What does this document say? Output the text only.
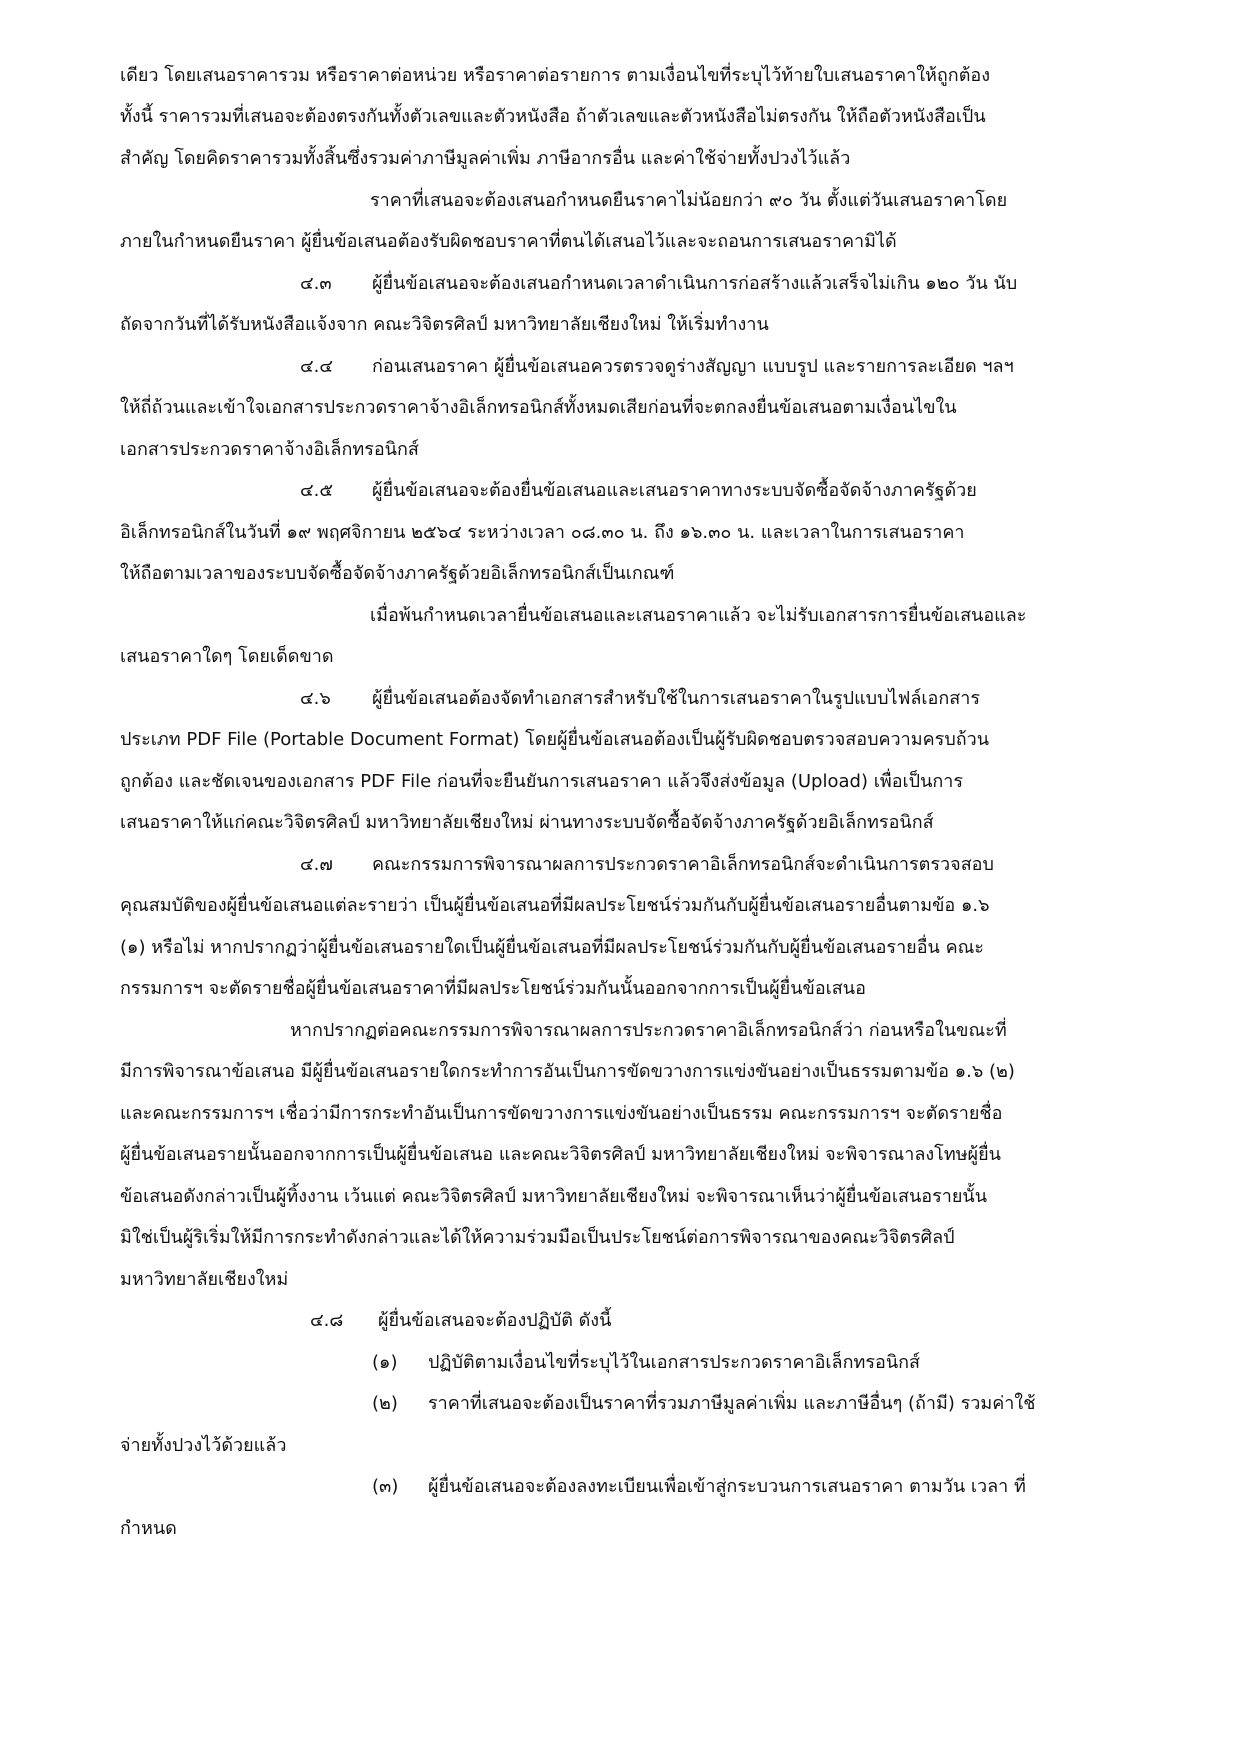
เดียว โดยเสนอราคารวม หรือราคาต่อหน่วย หรือราคาต่อรายการ ตามเงื่อนไขที่ระบุไว้ท้ายใบเสนอราคาให้ถูกต้อง
ทั้งนี้ ราคารวมที่เสนอจะต้องตรงกันทั้งตัวเลขและตัวหนังสือ ถ้าตัวเลขและตัวหนังสือไม่ตรงกัน ให้ถือตัวหนังสือเป็น
สำคัญ โดยคิดราคารวมทั้งสิ้นซึ่งรวมค่าภาษีมูลค่าเพิ่ม ภาษีอากรอื่น และค่าใช้จ่ายทั้งปวงไว้แล้ว
ราคาที่เสนอจะต้องเสนอกำหนดยืนราคาไม่น้อยกว่า ๙๐ วัน ตั้งแต่วันเสนอราคาโดย
ภายในกำหนดยืนราคา ผู้ยื่นข้อเสนอต้องรับผิดชอบราคาที่ตนได้เสนอไว้และจะถอนการเสนอราคามิได้
๔.๓ ผู้ยื่นข้อเสนอจะต้องเสนอกำหนดเวลาดำเนินการก่อสร้างแล้วเสร็จไม่เกิน ๑๒๐ วัน นับ
ถัดจากวันที่ได้รับหนังสือแจ้งจาก คณะวิจิตรศิลป์ มหาวิทยาลัยเชียงใหม่ ให้เริ่มทำงาน
๔.๔ ก่อนเสนอราคา ผู้ยื่นข้อเสนอควรตรวจดูร่างสัญญา แบบรูป และรายการละเอียด ฯลฯ
ให้ถี่ถ้วนและเข้าใจเอกสารประกวดราคาจ้างอิเล็กทรอนิกส์ทั้งหมดเสียก่อนที่จะตกลงยื่นข้อเสนอตามเงื่อนไขใน
เอกสารประกวดราคาจ้างอิเล็กทรอนิกส์
๔.๕ ผู้ยื่นข้อเสนอจะต้องยื่นข้อเสนอและเสนอราคาทางระบบจัดซื้อจัดจ้างภาครัฐด้วย
อิเล็กทรอนิกส์ในวันที่ ๑๙ พฤศจิกายน ๒๕๖๔ ระหว่างเวลา ๐๘.๓๐ น. ถึง ๑๖.๓๐ น. และเวลาในการเสนอราคา
ให้ถือตามเวลาของระบบจัดซื้อจัดจ้างภาครัฐด้วยอิเล็กทรอนิกส์เป็นเกณฑ์
เมื่อพ้นกำหนดเวลายื่นข้อเสนอและเสนอราคาแล้ว จะไม่รับเอกสารการยื่นข้อเสนอและ
เสนอราคาใดๆ โดยเด็ดขาด
๔.๖ ผู้ยื่นข้อเสนอต้องจัดทำเอกสารสำหรับใช้ในการเสนอราคาในรูปแบบไฟล์เอกสาร
ประเภท PDF File (Portable Document Format) โดยผู้ยื่นข้อเสนอต้องเป็นผู้รับผิดชอบตรวจสอบความครบถ้วน
ถูกต้อง และชัดเจนของเอกสาร PDF File ก่อนที่จะยืนยันการเสนอราคา แล้วจึงส่งข้อมูล (Upload) เพื่อเป็นการ
เสนอราคาให้แก่คณะวิจิตรศิลป์ มหาวิทยาลัยเชียงใหม่ ผ่านทางระบบจัดซื้อจัดจ้างภาครัฐด้วยอิเล็กทรอนิกส์
๔.๗ คณะกรรมการพิจารณาผลการประกวดราคาอิเล็กทรอนิกส์จะดำเนินการตรวจสอบ
คุณสมบัติของผู้ยื่นข้อเสนอแต่ละรายว่า เป็นผู้ยื่นข้อเสนอที่มีผลประโยชน์ร่วมกันกับผู้ยื่นข้อเสนอรายอื่นตามข้อ ๑.๖
(๑) หรือไม่ หากปรากฏว่าผู้ยื่นข้อเสนอรายใดเป็นผู้ยื่นข้อเสนอที่มีผลประโยชน์ร่วมกันกับผู้ยื่นข้อเสนอรายอื่น คณะ
กรรมการฯ จะตัดรายชื่อผู้ยื่นข้อเสนอราคาที่มีผลประโยชน์ร่วมกันนั้นออกจากการเป็นผู้ยื่นข้อเสนอ
หากปรากฏต่อคณะกรรมการพิจารณาผลการประกวดราคาอิเล็กทรอนิกส์ว่า ก่อนหรือในขณะที่
มีการพิจารณาข้อเสนอ มีผู้ยื่นข้อเสนอรายใดกระทำการอันเป็นการขัดขวางการแข่งขันอย่างเป็นธรรมตามข้อ ๑.๖ (๒)
และคณะกรรมการฯ เชื่อว่ามีการกระทำอันเป็นการขัดขวางการแข่งขันอย่างเป็นธรรม คณะกรรมการฯ จะตัดรายชื่อ
ผู้ยื่นข้อเสนอรายนั้นออกจากการเป็นผู้ยื่นข้อเสนอ และคณะวิจิตรศิลป์ มหาวิทยาลัยเชียงใหม่ จะพิจารณาลงโทษผู้ยื่น
ข้อเสนอดังกล่าวเป็นผู้ทิ้งงาน เว้นแต่ คณะวิจิตรศิลป์ มหาวิทยาลัยเชียงใหม่ จะพิจารณาเห็นว่าผู้ยื่นข้อเสนอรายนั้น
มิใช่เป็นผู้ริเริ่มให้มีการกระทำดังกล่าวและได้ให้ความร่วมมือเป็นประโยชน์ต่อการพิจารณาของคณะวิจิตรศิลป์
มหาวิทยาลัยเชียงใหม่
๔.๘ ผู้ยื่นข้อเสนอจะต้องปฏิบัติ ดังนี้
(๑) ปฏิบัติตามเงื่อนไขที่ระบุไว้ในเอกสารประกวดราคาอิเล็กทรอนิกส์
(๒) ราคาที่เสนอจะต้องเป็นราคาที่รวมภาษีมูลค่าเพิ่ม และภาษีอื่นๆ (ถ้ามี) รวมค่าใช้
จ่ายทั้งปวงไว้ด้วยแล้ว
(๓) ผู้ยื่นข้อเสนอจะต้องลงทะเบียนเพื่อเข้าสู่กระบวนการเสนอราคา ตามวัน เวลา ที่
กำหนด
